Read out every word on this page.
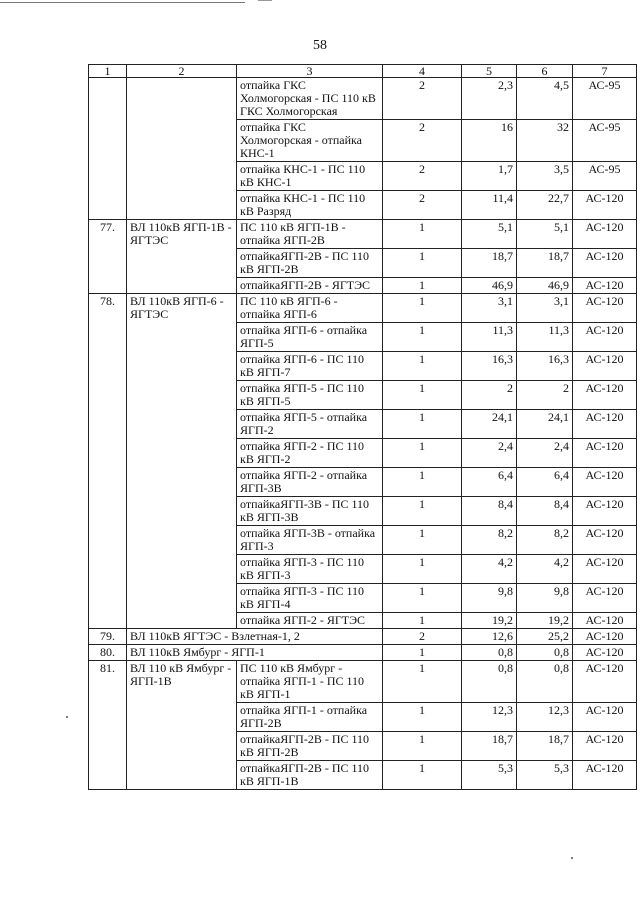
58
1	2	3	4	5	6	7
		отпайка ГКС Холмогорская - ПС 110 кВ ГКС Холмогорская	2	2,3	4,5	АС-95
		отпайка ГКС Холмогорская - отпайка КНС-1	2	16	32	АС-95
		отпайка КНС-1 - ПС 110 кВ КНС-1	2	1,7	3,5	АС-95
		отпайка КНС-1 - ПС 110 кВ Разряд	2	11,4	22,7	АС-120
77.	ВЛ 110кВ ЯГП-1В - ЯГТЭС	ПС 110 кВ ЯГП-1В - отпайка ЯГП-2В	1	5,1	5,1	АС-120
		отпайкаЯГП-2В - ПС 110 кВ ЯГП-2В	1	18,7	18,7	АС-120
		отпайкаЯГП-2В - ЯГТЭС	1	46,9	46,9	АС-120
78.	ВЛ 110кВ ЯГП-6 - ЯГТЭС	ПС 110 кВ ЯГП-6 - отпайка ЯГП-6	1	3,1	3,1	АС-120
		отпайка ЯГП-6 - отпайка ЯГП-5	1	11,3	11,3	АС-120
		отпайка ЯГП-6 - ПС 110 кВ ЯГП-7	1	16,3	16,3	АС-120
		отпайка ЯГП-5 - ПС 110 кВ ЯГП-5	1	2	2	АС-120
		отпайка ЯГП-5 - отпайка ЯГП-2	1	24,1	24,1	АС-120
		отпайка ЯГП-2 - ПС 110 кВ ЯГП-2	1	2,4	2,4	АС-120
		отпайка ЯГП-2 - отпайка ЯГП-3В	1	6,4	6,4	АС-120
		отпайкаЯГП-3В - ПС 110 кВ ЯГП-3В	1	8,4	8,4	АС-120
		отпайка ЯГП-3В - отпайка ЯГП-3	1	8,2	8,2	АС-120
		отпайка ЯГП-3 - ПС 110 кВ ЯГП-3	1	4,2	4,2	АС-120
		отпайка ЯГП-3 - ПС 110 кВ ЯГП-4	1	9,8	9,8	АС-120
		отпайка ЯГП-2 - ЯГТЭС	1	19,2	19,2	АС-120
79.	ВЛ 110кВ ЯГТЭС - Взлетная-1, 2		2	12,6	25,2	АС-120
80.	ВЛ 110кВ Ямбург - ЯГП-1		1	0,8	0,8	АС-120
81.	ВЛ 110 кВ Ямбург - ЯГП-1В	ПС 110 кВ Ямбург - отпайка ЯГП-1 - ПС 110 кВ ЯГП-1	1	0,8	0,8	АС-120
		отпайка ЯГП-1 - отпайка ЯГП-2В	1	12,3	12,3	АС-120
		отпайкаЯГП-2В - ПС 110 кВ ЯГП-2В	1	18,7	18,7	АС-120
		отпайкаЯГП-2В - ПС 110 кВ ЯГП-1В	1	5,3	5,3	АС-120
